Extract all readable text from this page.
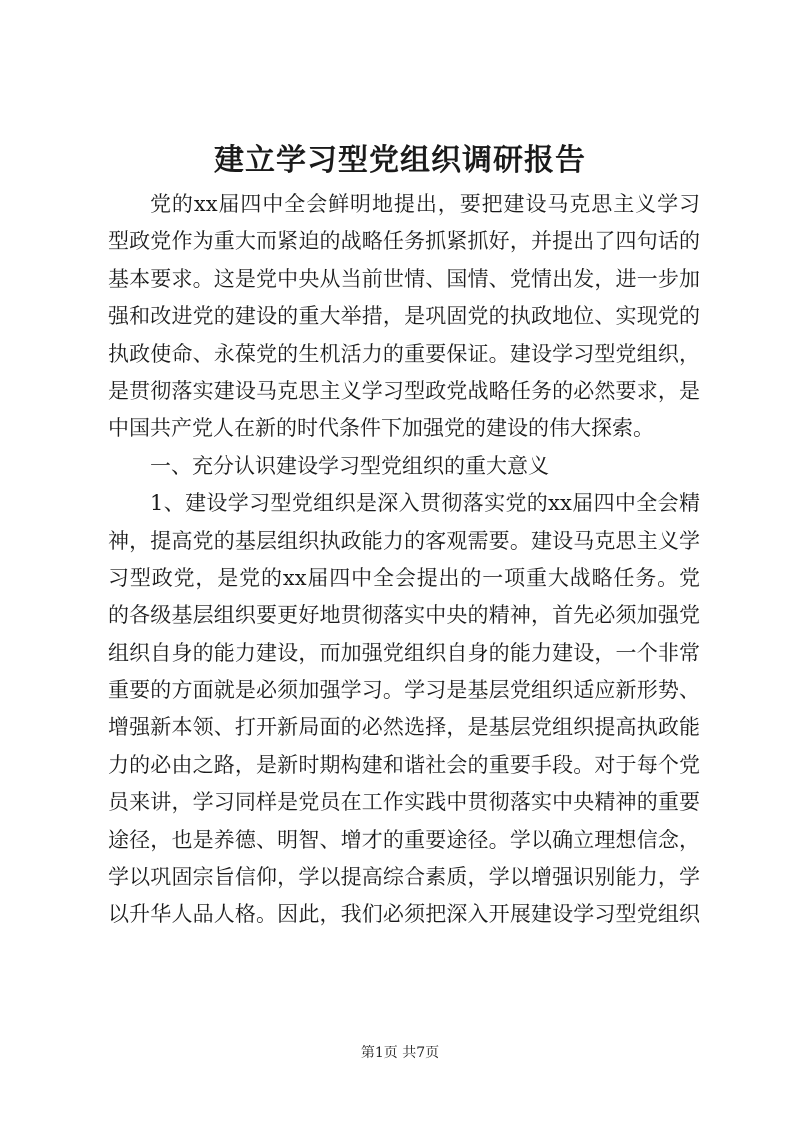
建立学习型党组织调研报告
党的xx届四中全会鲜明地提出，要把建设马克思主义学习
型政党作为重大而紧迫的战略任务抓紧抓好，并提出了四句话的
基本要求。这是党中央从当前世情、国情、党情出发，进一步加
强和改进党的建设的重大举措，是巩固党的执政地位、实现党的
执政使命、永葆党的生机活力的重要保证。建设学习型党组织，
是贯彻落实建设马克思主义学习型政党战略任务的必然要求，是
中国共产党人在新的时代条件下加强党的建设的伟大探索。
一、充分认识建设学习型党组织的重大意义
1、建设学习型党组织是深入贯彻落实党的xx届四中全会精
神，提高党的基层组织执政能力的客观需要。建设马克思主义学
习型政党，是党的xx届四中全会提出的一项重大战略任务。党
的各级基层组织要更好地贯彻落实中央的精神，首先必须加强党
组织自身的能力建设，而加强党组织自身的能力建设，一个非常
重要的方面就是必须加强学习。学习是基层党组织适应新形势、
增强新本领、打开新局面的必然选择，是基层党组织提高执政能
力的必由之路，是新时期构建和谐社会的重要手段。对于每个党
员来讲，学习同样是党员在工作实践中贯彻落实中央精神的重要
途径，也是养德、明智、增才的重要途径。学以确立理想信念，
学以巩固宗旨信仰，学以提高综合素质，学以增强识别能力，学
以升华人品人格。因此，我们必须把深入开展建设学习型党组织
第1页 共7页
